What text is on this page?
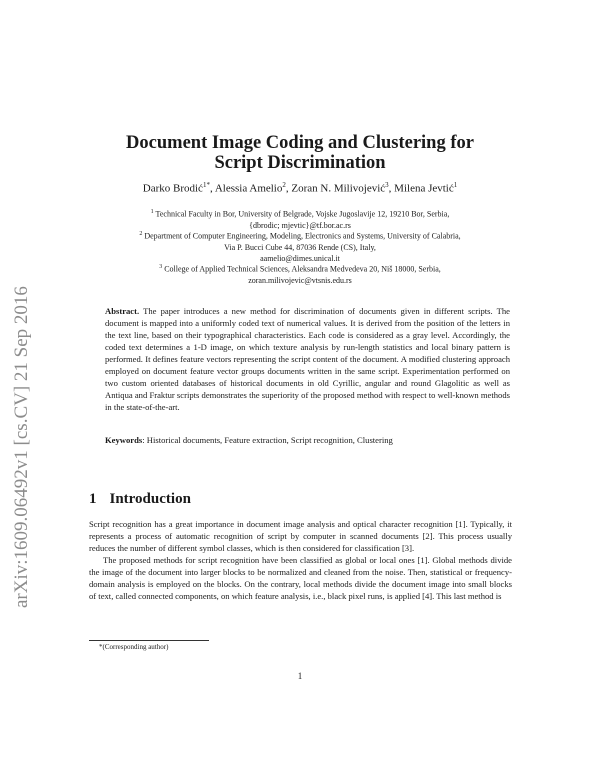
arXiv:1609.06492v1 [cs.CV] 21 Sep 2016
Document Image Coding and Clustering for
Script Discrimination
Darko Brodić$^{1*}$, Alessia Amelio$^2$, Zoran N. Milivojević$^3$, Milena Jevtić$^1$
$^1$ Technical Faculty in Bor, University of Belgrade, Vojske Jugoslavije 12, 19210 Bor, Serbia,
{dbrodic; mjevtic}@tf.bor.ac.rs
$^2$ Department of Computer Engineering, Modeling, Electronics and Systems, University of Calabria,
Via P. Bucci Cube 44, 87036 Rende (CS), Italy,
aamelio@dimes.unical.it
$^3$ College of Applied Technical Sciences, Aleksandra Medvedeva 20, Niš 18000, Serbia,
zoran.milivojevic@vtsnis.edu.rs

Abstract. The paper introduces a new method for discrimination of documents given in different scripts. The document is mapped into a uniformly coded text of numerical values. It is derived from the position of the letters in the text line, based on their typographical characteristics. Each code is considered as a gray level. Accordingly, the coded text determines a 1-D image, on which texture analysis by run-length statistics and local binary pattern is performed. It defines feature vectors representing the script content of the document. A modified clustering approach employed on document feature vector groups documents written in the same script. Experimentation performed on two custom oriented databases of historical documents in old Cyrillic, angular and round Glagolitic as well as Antiqua and Fraktur scripts demonstrates the superiority of the proposed method with respect to well-known methods in the state-of-the-art.

Keywords: Historical documents, Feature extraction, Script recognition, Clustering

1 Introduction

Script recognition has a great importance in document image analysis and optical character recognition [1]. Typically, it represents a process of automatic recognition of script by computer in scanned documents [2]. This process usually reduces the number of different symbol classes, which is then considered for classification [3].

The proposed methods for script recognition have been classified as global or local ones [1]. Global methods divide the image of the document into larger blocks to be normalized and cleaned from the noise. Then, statistical or frequency-domain analysis is employed on the blocks. On the contrary, local methods divide the document image into small blocks of text, called connected components, on which feature analysis, i.e., black pixel runs, is applied [4]. This last method is

*(Corresponding author)
1
